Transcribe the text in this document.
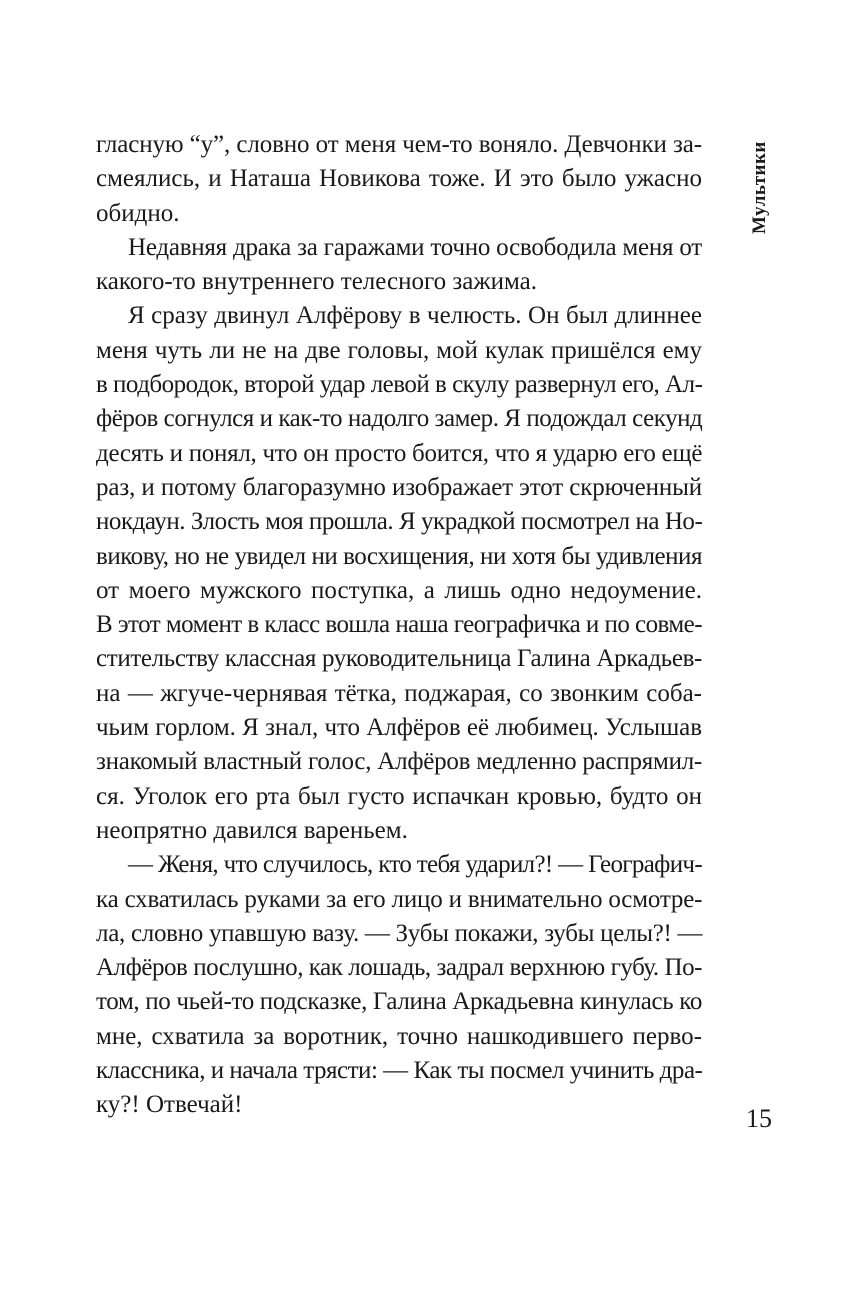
Мультики
гласную “у”, словно от меня чем-то воняло. Девчонки за-
смеялись, и Наташа Новикова тоже. И это было ужасно
обидно.
Недавняя драка за гаражами точно освободила меня от
какого-то внутреннего телесного зажима.
Я сразу двинул Алфёрову в челюсть. Он был длиннее
меня чуть ли не на две головы, мой кулак пришёлся ему
в подбородок, второй удар левой в скулу развернул его, Ал-
фёров согнулся и как-то надолго замер. Я подождал секунд
десять и понял, что он просто боится, что я ударю его ещё
раз, и потому благоразумно изображает этот скрюченный
нокдаун. Злость моя прошла. Я украдкой посмотрел на Но-
викову, но не увидел ни восхищения, ни хотя бы удивления
от моего мужского поступка, а лишь одно недоумение.
В этот момент в класс вошла наша географичка и по совме-
стительству классная руководительница Галина Аркадьев-
на — жгуче-чернявая тётка, поджарая, со звонким соба-
чьим горлом. Я знал, что Алфёров её любимец. Услышав
знакомый властный голос, Алфёров медленно распрямил-
ся. Уголок его рта был густо испачкан кровью, будто он
неопрятно давился вареньем.
— Женя, что случилось, кто тебя ударил?! — Географич-
ка схватилась руками за его лицо и внимательно осмотре-
ла, словно упавшую вазу. — Зубы покажи, зубы целы?! —
Алфёров послушно, как лошадь, задрал верхнюю губу. По-
том, по чьей-то подсказке, Галина Аркадьевна кинулась ко
мне, схватила за воротник, точно нашкодившего перво-
классника, и начала трясти: — Как ты посмел учинить дра-
ку?! Отвечай!	15
